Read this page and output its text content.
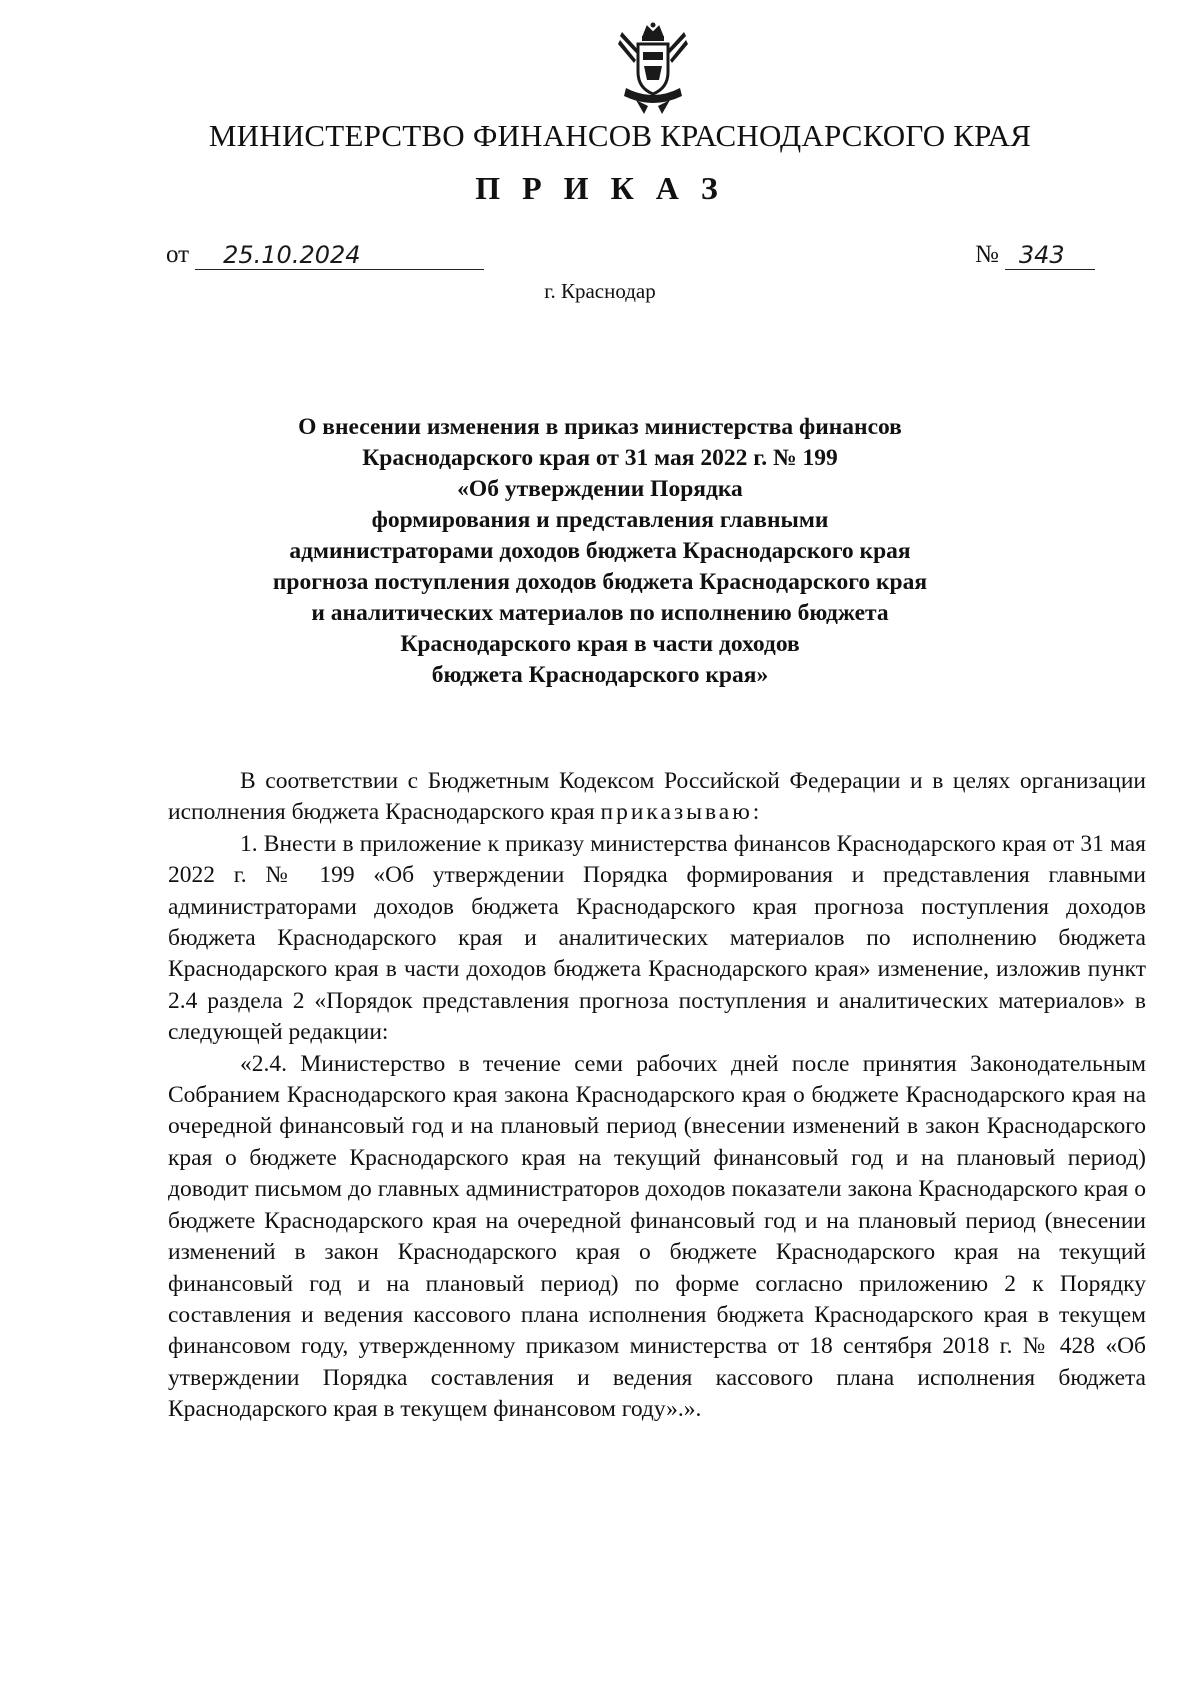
МИНИСТЕРСТВО ФИНАНСОВ КРАСНОДАРСКОГО КРАЯ
П Р И К А З
от	25.10.2024	№ 343
г. Краснодар
О внесении изменения в приказ министерства финансов
Краснодарского края от 31 мая 2022 г. № 199
«Об утверждении Порядка
формирования и представления главными
администраторами доходов бюджета Краснодарского края
прогноза поступления доходов бюджета Краснодарского края
и аналитических материалов по исполнению бюджета
Краснодарского края в части доходов
бюджета Краснодарского края»

В соответствии с Бюджетным Кодексом Российской Федерации и в целях организации исполнения бюджета Краснодарского края приказываю:

1. Внести в приложение к приказу министерства финансов Краснодарского края от 31 мая 2022 г. № 199 «Об утверждении Порядка формирования и представления главными администраторами доходов бюджета Краснодарского края прогноза поступления доходов бюджета Краснодарского края и аналитических материалов по исполнению бюджета Краснодарского края в части доходов бюджета Краснодарского края» изменение, изложив пункт 2.4 раздела 2 «Порядок представления прогноза поступления и аналитических материалов» в следующей редакции:

«2.4. Министерство в течение семи рабочих дней после принятия Законодательным Собранием Краснодарского края закона Краснодарского края о бюджете Краснодарского края на очередной финансовый год и на плановый период (внесении изменений в закон Краснодарского края о бюджете Краснодарского края на текущий финансовый год и на плановый период) доводит письмом до главных администраторов доходов показатели закона Краснодарского края о бюджете Краснодарского края на очередной финансовый год и на плановый период (внесении изменений в закон Краснодарского края о бюджете Краснодарского края на текущий финансовый год и на плановый период) по форме согласно приложению 2 к Порядку составления и ведения кассового плана исполнения бюджета Краснодарского края в текущем финансовом году, утвержденному приказом министерства от 18 сентября 2018 г. № 428 «Об утверждении Порядка составления и ведения кассового плана исполнения бюджета Краснодарского края в текущем финансовом году».».
